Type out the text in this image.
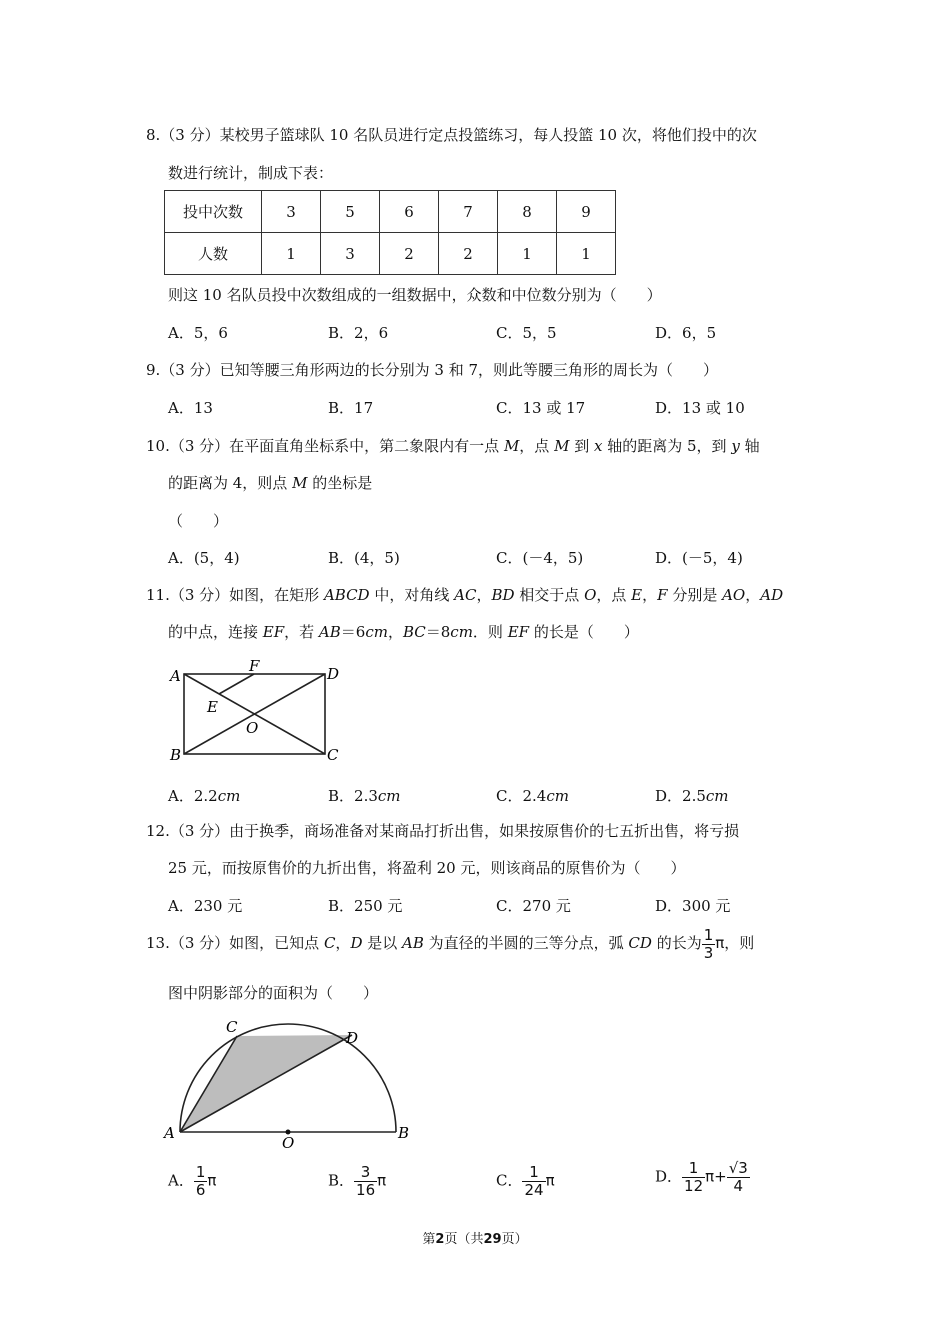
8.（3 分）某校男子篮球队 10 名队员进行定点投篮练习，每人投篮 10 次，将他们投中的次
数进行统计，制成下表：
投中次数	3	5	6	7	8	9
人数	1	3	2	2	1	1
则这 10 名队员投中次数组成的一组数据中，众数和中位数分别为（　　）
A．5，6	B．2，6	C．5，5	D．6，5
9.（3 分）已知等腰三角形两边的长分别为 3 和 7，则此等腰三角形的周长为（　　）
A．13	B．17	C．13 或 17	D．13 或 10
10.（3 分）在平面直角坐标系中，第二象限内有一点 M，点 M 到 x 轴的距离为 5，到 y 轴
的距离为 4，则点 M 的坐标是
（　　）
A．(5，4)	B．(4，5)	C．(－4，5)	D．(－5，4)
11.（3 分）如图，在矩形 ABCD 中，对角线 AC，BD 相交于点 O，点 E，F 分别是 AO，AD
的中点，连接 EF，若 AB＝6cm，BC＝8cm．则 EF 的长是（　　）
A
B	C
D
E
F
O
A．2.2cm	B．2.3cm	C．2.4cm	D．2.5cm
12.（3 分）由于换季，商场准备对某商品打折出售，如果按原售价的七五折出售，将亏损
25 元，而按原售价的九折出售，将盈利 20 元，则该商品的原售价为（　　）
A．230 元	B．250 元	C．270 元	D．300 元
13.（3 分）如图，已知点 C，D 是以 AB 为直径的半圆的三等分点，弧 CD 的长为 $\frac{1}{3}$ π，则
图中阴影部分的面积为（　　）
A	B
C
D
O
A． $\frac{1}{6}$ π	B． $\frac{3}{16}$ π	C． $\frac{1}{24}$ π	D． $\frac{1}{12} \pi+ \frac{√3}{4}$
第2页（共29页）
